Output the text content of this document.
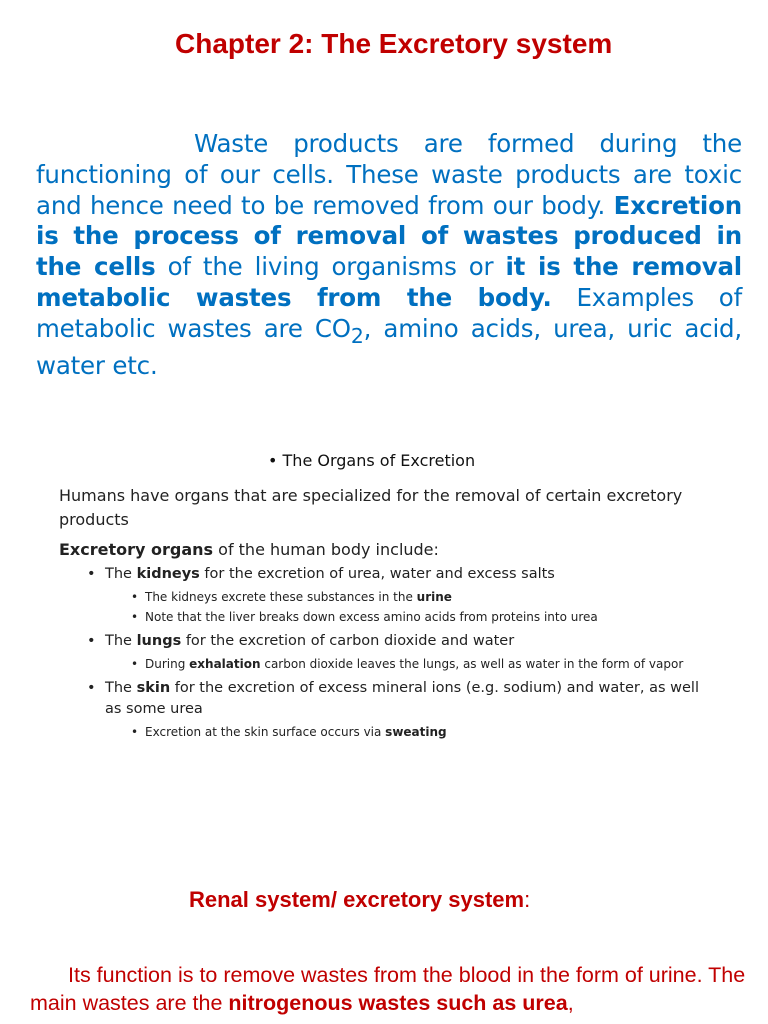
Chapter 2: The Excretory system
Waste products are formed during the functioning of our cells. These waste products are toxic and hence need to be removed from our body. Excretion is the process of removal of wastes produced in the cells of the living organisms or it is the removal metabolic wastes from the body. Examples of metabolic wastes are $CO_2$, amino acids, urea, uric acid, water etc.
• The Organs of Excretion

Humans have organs that are specialized for the removal of certain excretory products

Excretory organs of the human body include:

• The kidneys for the excretion of urea, water and excess salts
• The kidneys excrete these substances in the urine
• Note that the liver breaks down excess amino acids from proteins into urea
• The lungs for the excretion of carbon dioxide and water
• During exhalation carbon dioxide leaves the lungs, as well as water in the form of vapor
• The skin for the excretion of excess mineral ions (e.g. sodium) and water, as well as some urea
• Excretion at the skin surface occurs via sweating
Renal system/ excretory system:
Its function is to remove wastes from the blood in the form of urine. The main wastes are the nitrogenous wastes such as urea,
